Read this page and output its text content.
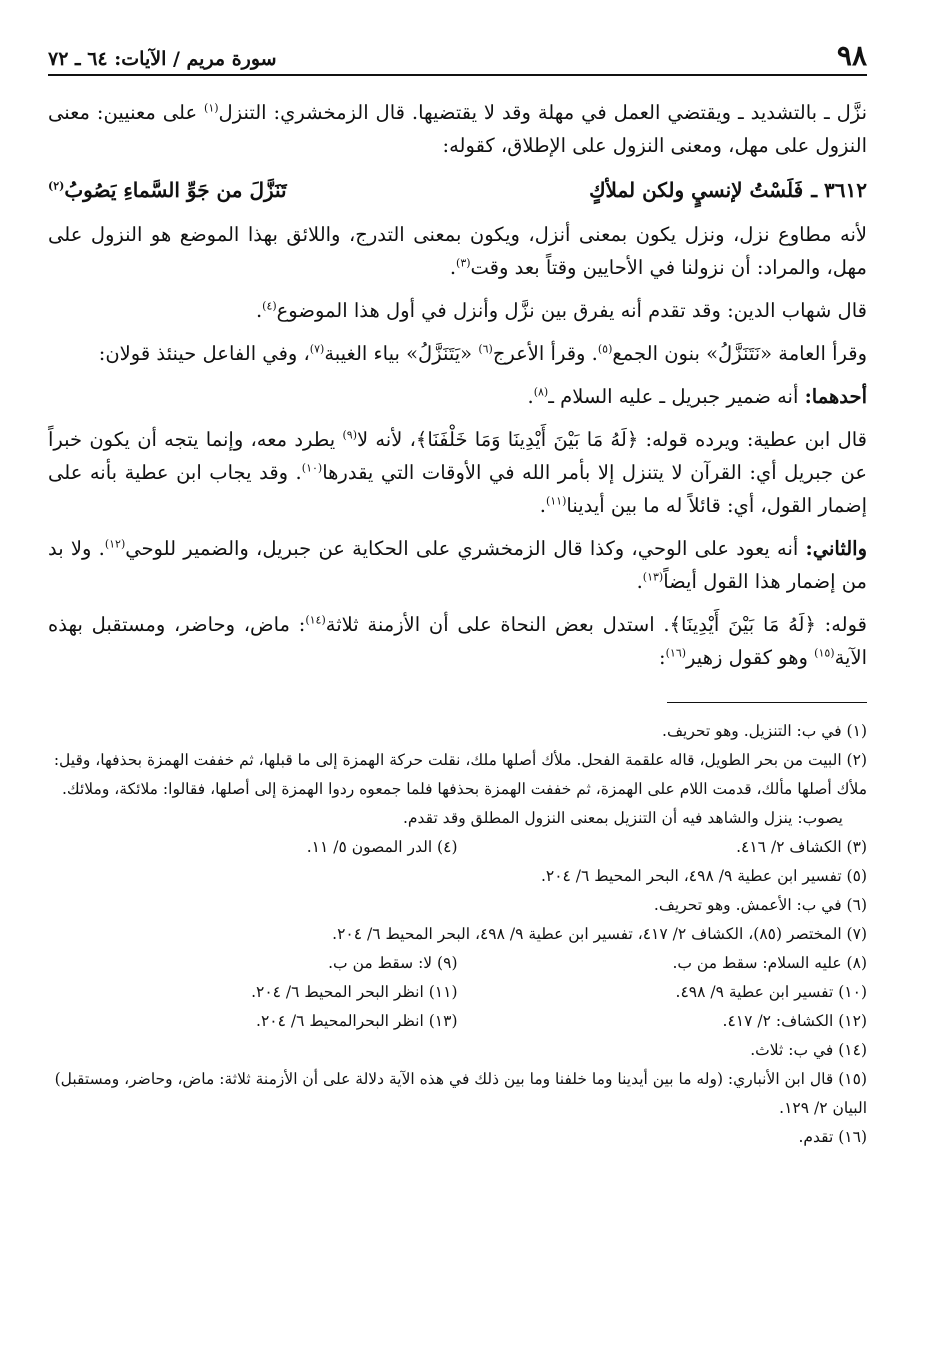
٩٨
سورة مريم / الآيات: ٦٤ ـ ٧٢

نزَّل ـ بالتشديد ـ ويقتضي العمل في مهلة وقد لا يقتضيها. قال الزمخشري: التنزل$^{(١)}$ على معنيين: معنى النزول على مهل، ومعنى النزول على الإطلاق، كقوله:

٣٦١٢ ـ
فَلَسْتُ لإنسيٍ ولكن لملأكٍ
تَنَزَّلَ من جَوِّ السَّماءِ يَصُوبُ$^{(٢)}$

لأنه مطاوع نزل، ونزل يكون بمعنى أنزل، ويكون بمعنى التدرج، واللائق بهذا الموضع هو النزول على مهل، والمراد: أن نزولنا في الأحايين وقتاً بعد وقت$^{(٣)}$.

قال شهاب الدين: وقد تقدم أنه يفرق بين نزَّل وأنزل في أول هذا الموضوع$^{(٤)}$.

وقرأ العامة «نَتَنَزَّلُ» بنون الجمع$^{(٥)}$. وقرأ الأعرج$^{(٦)}$ «يَتَنَزَّلُ» بياء الغيبة$^{(٧)}$، وفي الفاعل حينئذ قولان:

أحدهما: أنه ضمير جبريل ـ عليه السلام ـ$^{(٨)}$.

قال ابن عطية: ويرده قوله: ﴿لَهُ مَا بَيْنَ أَيْدِينَا وَمَا خَلْفَنَا﴾، لأنه لا$^{(٩)}$ يطرد معه، وإنما يتجه أن يكون خبراً عن جبريل أي: القرآن لا يتنزل إلا بأمر الله في الأوقات التي يقدرها$^{(١٠)}$. وقد يجاب ابن عطية بأنه على إضمار القول، أي: قائلاً له ما بين أيدينا$^{(١١)}$.

والثاني: أنه يعود على الوحي، وكذا قال الزمخشري على الحكاية عن جبريل، والضمير للوحي$^{(١٢)}$. ولا بد من إضمار هذا القول أيضاً$^{(١٣)}$.

قوله: ﴿لَهُ مَا بَيْنَ أَيْدِينَا﴾. استدل بعض النحاة على أن الأزمنة ثلاثة$^{(١٤)}$: ماض، وحاضر، ومستقبل بهذه الآية$^{(١٥)}$ وهو كقول زهير$^{(١٦)}$:

(١) في ب: التنزيل. وهو تحريف.

(٢) البيت من بحر الطويل، قاله علقمة الفحل. ملأك أصلها ملك، نقلت حركة الهمزة إلى ما قبلها، ثم خففت الهمزة بحذفها، وقيل: ملأك أصلها مألك، قدمت اللام على الهمزة، ثم خففت الهمزة بحذفها فلما جمعوه ردوا الهمزة إلى أصلها، فقالوا: ملائكة، وملائك.

يصوب: ينزل والشاهد فيه أن التنزيل بمعنى النزول المطلق وقد تقدم.

(٣) الكشاف ٢/ ٤١٦.
(٤) الدر المصون ٥/ ١١.

(٥) تفسير ابن عطية ٩/ ٤٩٨، البحر المحيط ٦/ ٢٠٤.

(٦) في ب: الأعمش. وهو تحريف.

(٧) المختصر (٨٥)، الكشاف ٢/ ٤١٧، تفسير ابن عطية ٩/ ٤٩٨، البحر المحيط ٦/ ٢٠٤.

(٨) عليه السلام: سقط من ب.
(٩) لا: سقط من ب.
(١٠) تفسير ابن عطية ٩/ ٤٩٨.
(١١) انظر البحر المحيط ٦/ ٢٠٤.
(١٢) الكشاف: ٢/ ٤١٧.
(١٣) انظر البحرالمحيط ٦/ ٢٠٤.

(١٤) في ب: ثلاث.

(١٥) قال ابن الأنباري: (وله ما بين أيدينا وما خلفنا وما بين ذلك في هذه الآية دلالة على أن الأزمنة ثلاثة: ماض، وحاضر، ومستقبل) البيان ٢/ ١٢٩.

(١٦) تقدم.
